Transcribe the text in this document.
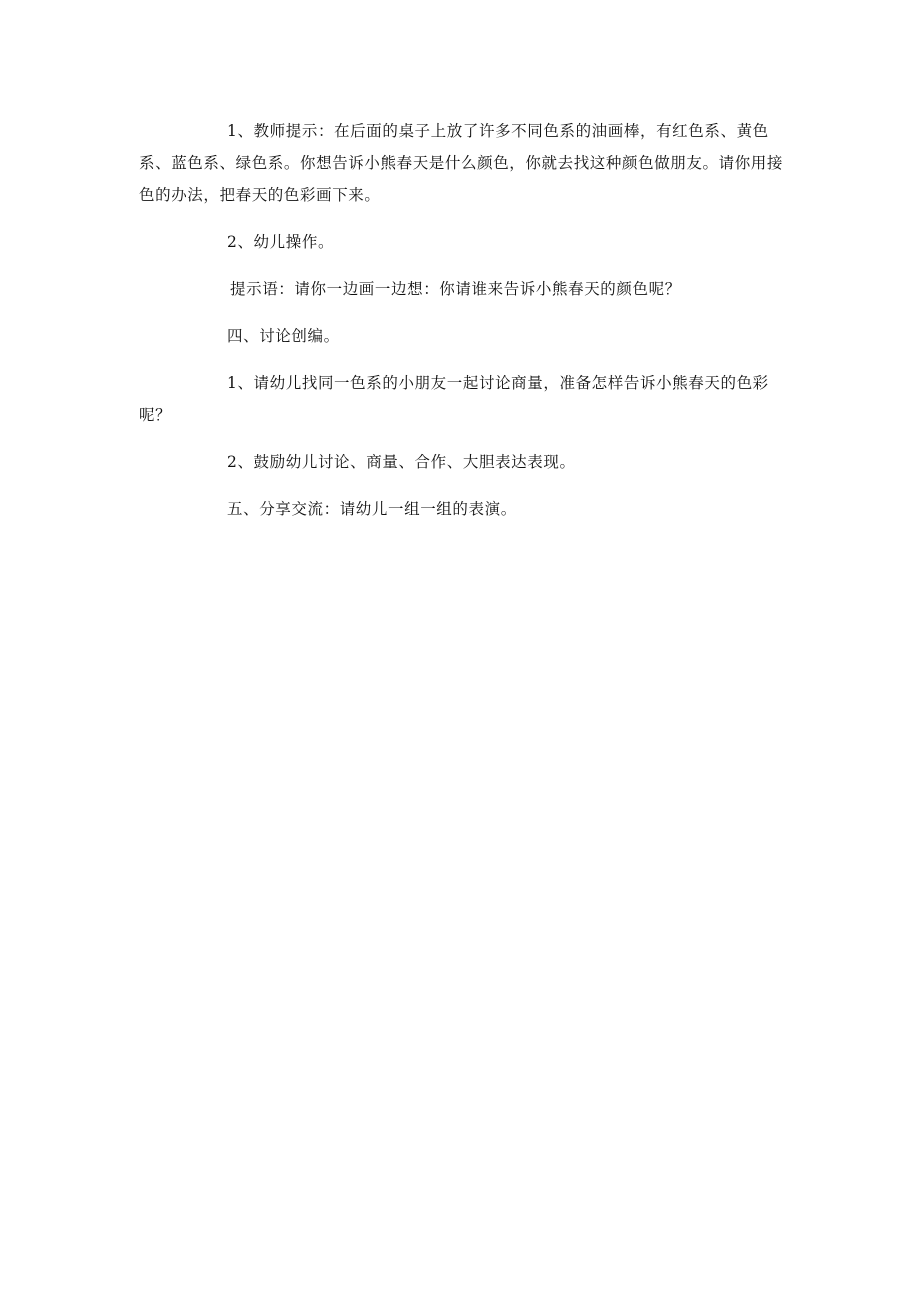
1、教师提示：在后面的桌子上放了许多不同色系的油画棒，有红色系、黄色系、蓝色系、绿色系。你想告诉小熊春天是什么颜色，你就去找这种颜色做朋友。请你用接色的办法，把春天的色彩画下来。

2、幼儿操作。

提示语：请你一边画一边想：你请谁来告诉小熊春天的颜色呢？

四、讨论创编。

1、请幼儿找同一色系的小朋友一起讨论商量，准备怎样告诉小熊春天的色彩呢？

2、鼓励幼儿讨论、商量、合作、大胆表达表现。

五、分享交流：请幼儿一组一组的表演。
